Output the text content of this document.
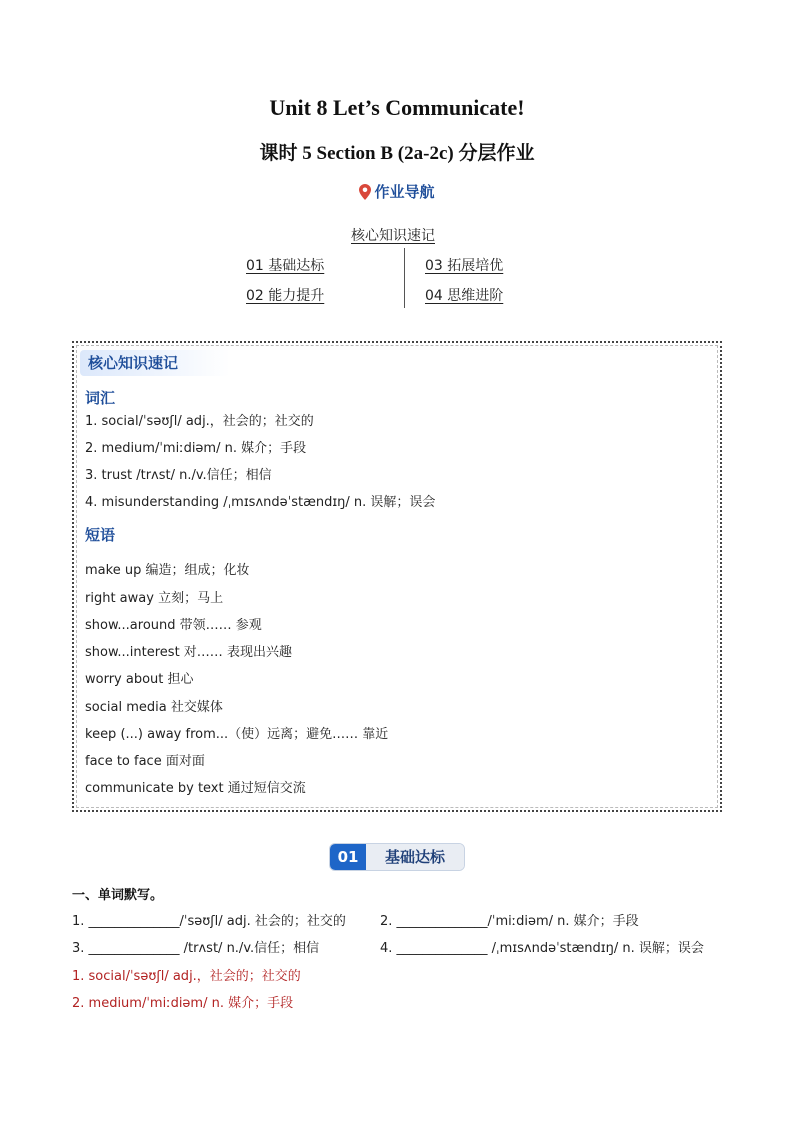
Unit 8 Let’s Communicate!
课时 5 Section B (2a-2c) 分层作业
作业导航
核心知识速记
01 基础达标	03 拓展培优
02 能力提升	04 思维进阶
核心知识速记
词汇
1. social/ˈsəʊʃl/ adj.，社会的；社交的
2. medium/ˈmiːdiəm/ n. 媒介；手段
3. trust /trʌst/ n./v.信任；相信
4. misunderstanding /ˌmɪsʌndəˈstændɪŋ/ n. 误解；误会
短语
make up 编造；组成；化妆
right away 立刻；马上
show...around 带领…… 参观
show...interest 对…… 表现出兴趣
worry about 担心
social media 社交媒体
keep (...) away from...（使）远离；避免…… 靠近
face to face 面对面
communicate by text 通过短信交流
01	基础达标
一、单词默写。
1. ______________/ˈsəʊʃl/ adj. 社会的；社交的	2. ______________/ˈmiːdiəm/ n. 媒介；手段
3. ______________ /trʌst/ n./v.信任；相信	4. ______________ /ˌmɪsʌndəˈstændɪŋ/ n. 误解；误会
1. social/ˈsəʊʃl/ adj.，社会的；社交的
2. medium/ˈmiːdiəm/ n. 媒介；手段
